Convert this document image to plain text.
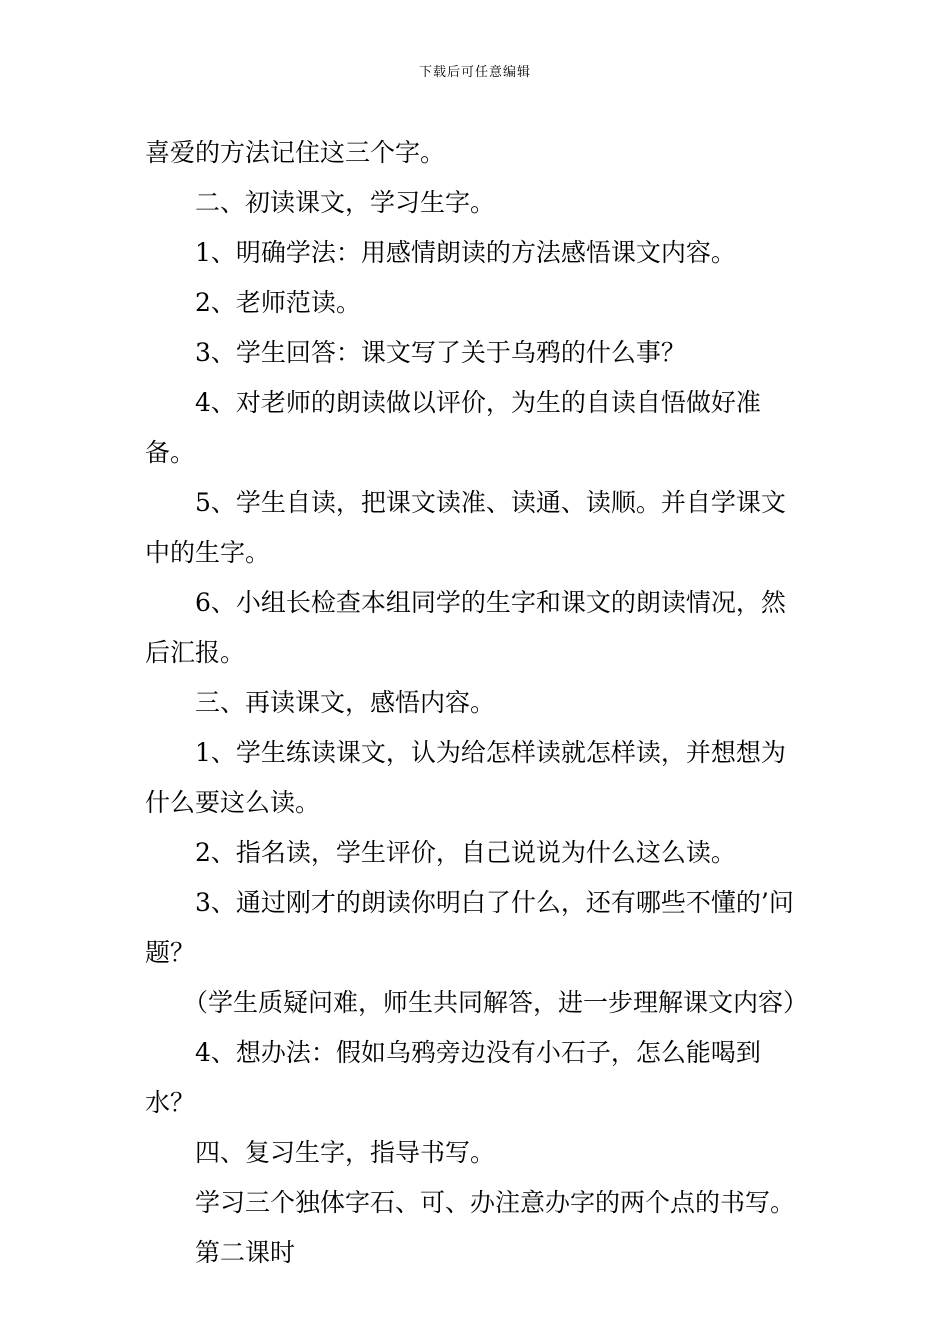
下载后可任意编辑

喜爱的方法记住这三个字。

二、初读课文，学习生字。

1、明确学法：用感情朗读的方法感悟课文内容。

2、老师范读。

3、学生回答：课文写了关于乌鸦的什么事？

4、对老师的朗读做以评价，为生的自读自悟做好准备。

5、学生自读，把课文读准、读通、读顺。并自学课文中的生字。

6、小组长检查本组同学的生字和课文的朗读情况，然后汇报。

三、再读课文，感悟内容。

1、学生练读课文，认为给怎样读就怎样读，并想想为什么要这么读。

2、指名读，学生评价，自己说说为什么这么读。

3、通过刚才的朗读你明白了什么，还有哪些不懂的’问题？

（学生质疑问难，师生共同解答，进一步理解课文内容）

4、想办法：假如乌鸦旁边没有小石子，怎么能喝到水？

四、复习生字，指导书写。

学习三个独体字石、可、办注意办字的两个点的书写。

第二课时
